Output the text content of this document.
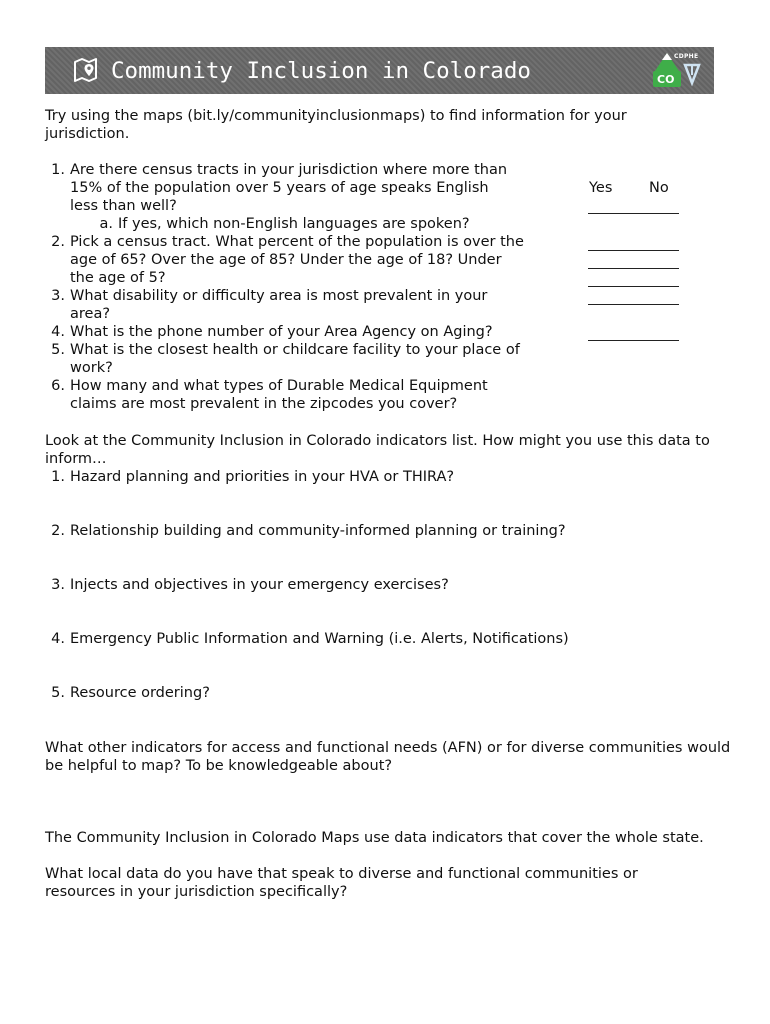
Community Inclusion in Colorado
CDPHE
CO

Try using the maps (bit.ly/communityinclusionmaps) to find information for your jurisdiction.

1. Are there census tracts in your jurisdiction where more than 15% of the population over 5 years of age speaks English less than well?
a. If yes, which non-English languages are spoken?
2. Pick a census tract. What percent of the population is over the age of 65? Over the age of 85? Under the age of 18? Under the age of 5?
3. What disability or difficulty area is most prevalent in your area?
4. What is the phone number of your Area Agency on Aging?
5. What is the closest health or childcare facility to your place of work?
6. How many and what types of Durable Medical Equipment claims are most prevalent in the zipcodes you cover?
Yes	No

Look at the Community Inclusion in Colorado indicators list. How might you use this data to inform…

1. Hazard planning and priorities in your HVA or THIRA?
2. Relationship building and community-informed planning or training?
3. Injects and objectives in your emergency exercises?
4. Emergency Public Information and Warning (i.e. Alerts, Notifications)
5. Resource ordering?

What other indicators for access and functional needs (AFN) or for diverse communities would be helpful to map? To be knowledgeable about?

The Community Inclusion in Colorado Maps use data indicators that cover the whole state.

What local data do you have that speak to diverse and functional communities or resources in your jurisdiction specifically?
